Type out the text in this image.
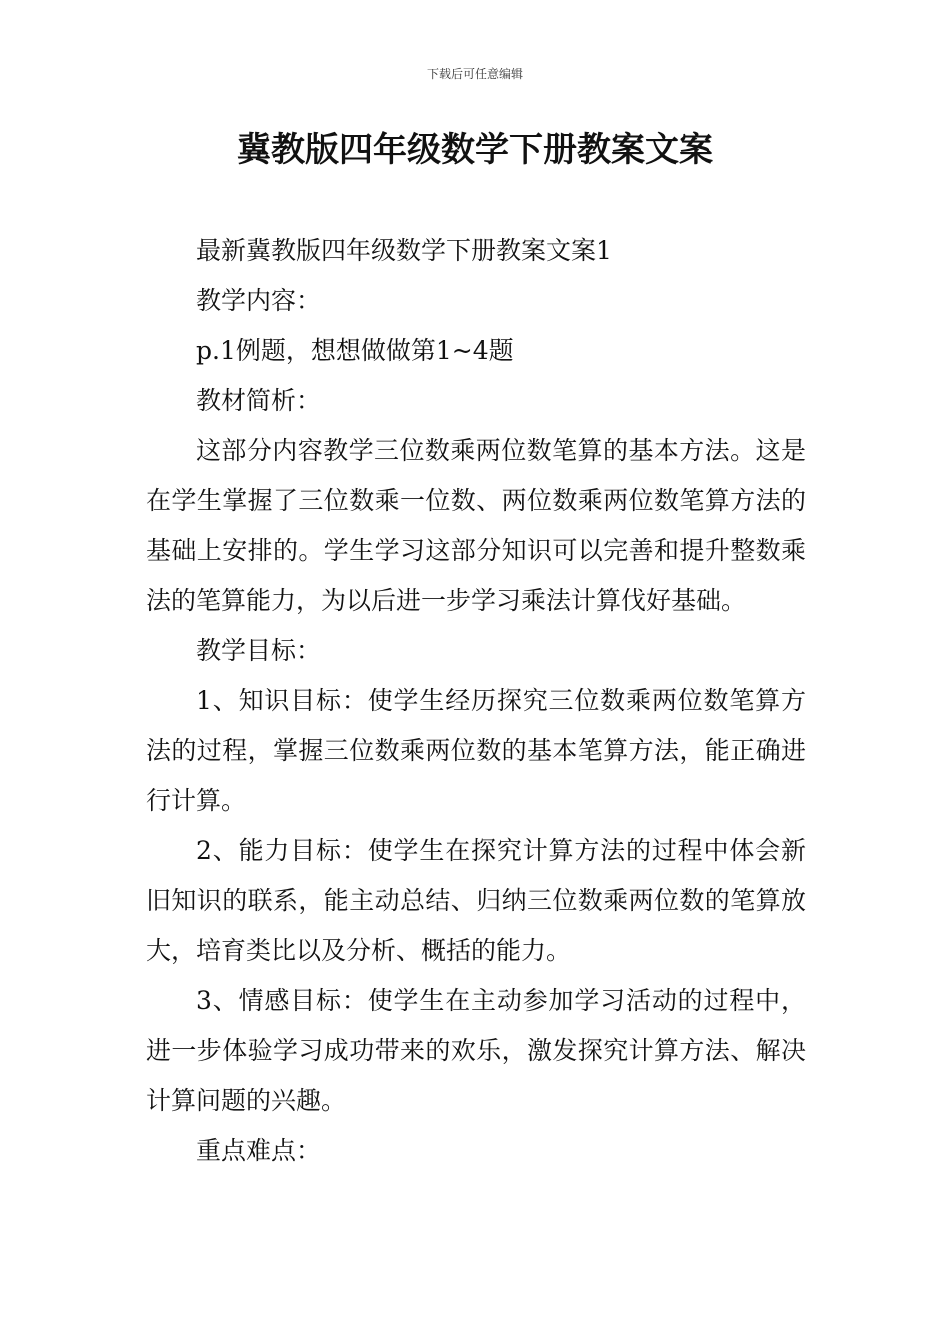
下载后可任意编辑
冀教版四年级数学下册教案文案

最新冀教版四年级数学下册教案文案1

教学内容：

p.1例题，想想做做第1~4题

教材简析：

这部分内容教学三位数乘两位数笔算的基本方法。这是在学生掌握了三位数乘一位数、两位数乘两位数笔算方法的基础上安排的。学生学习这部分知识可以完善和提升整数乘法的笔算能力，为以后进一步学习乘法计算伐好基础。

教学目标：

1、知识目标：使学生经历探究三位数乘两位数笔算方法的过程，掌握三位数乘两位数的基本笔算方法，能正确进行计算。

2、能力目标：使学生在探究计算方法的过程中体会新旧知识的联系，能主动总结、归纳三位数乘两位数的笔算放大，培育类比以及分析、概括的能力。

3、情感目标：使学生在主动参加学习活动的过程中，进一步体验学习成功带来的欢乐，激发探究计算方法、解决计算问题的兴趣。

重点难点：
